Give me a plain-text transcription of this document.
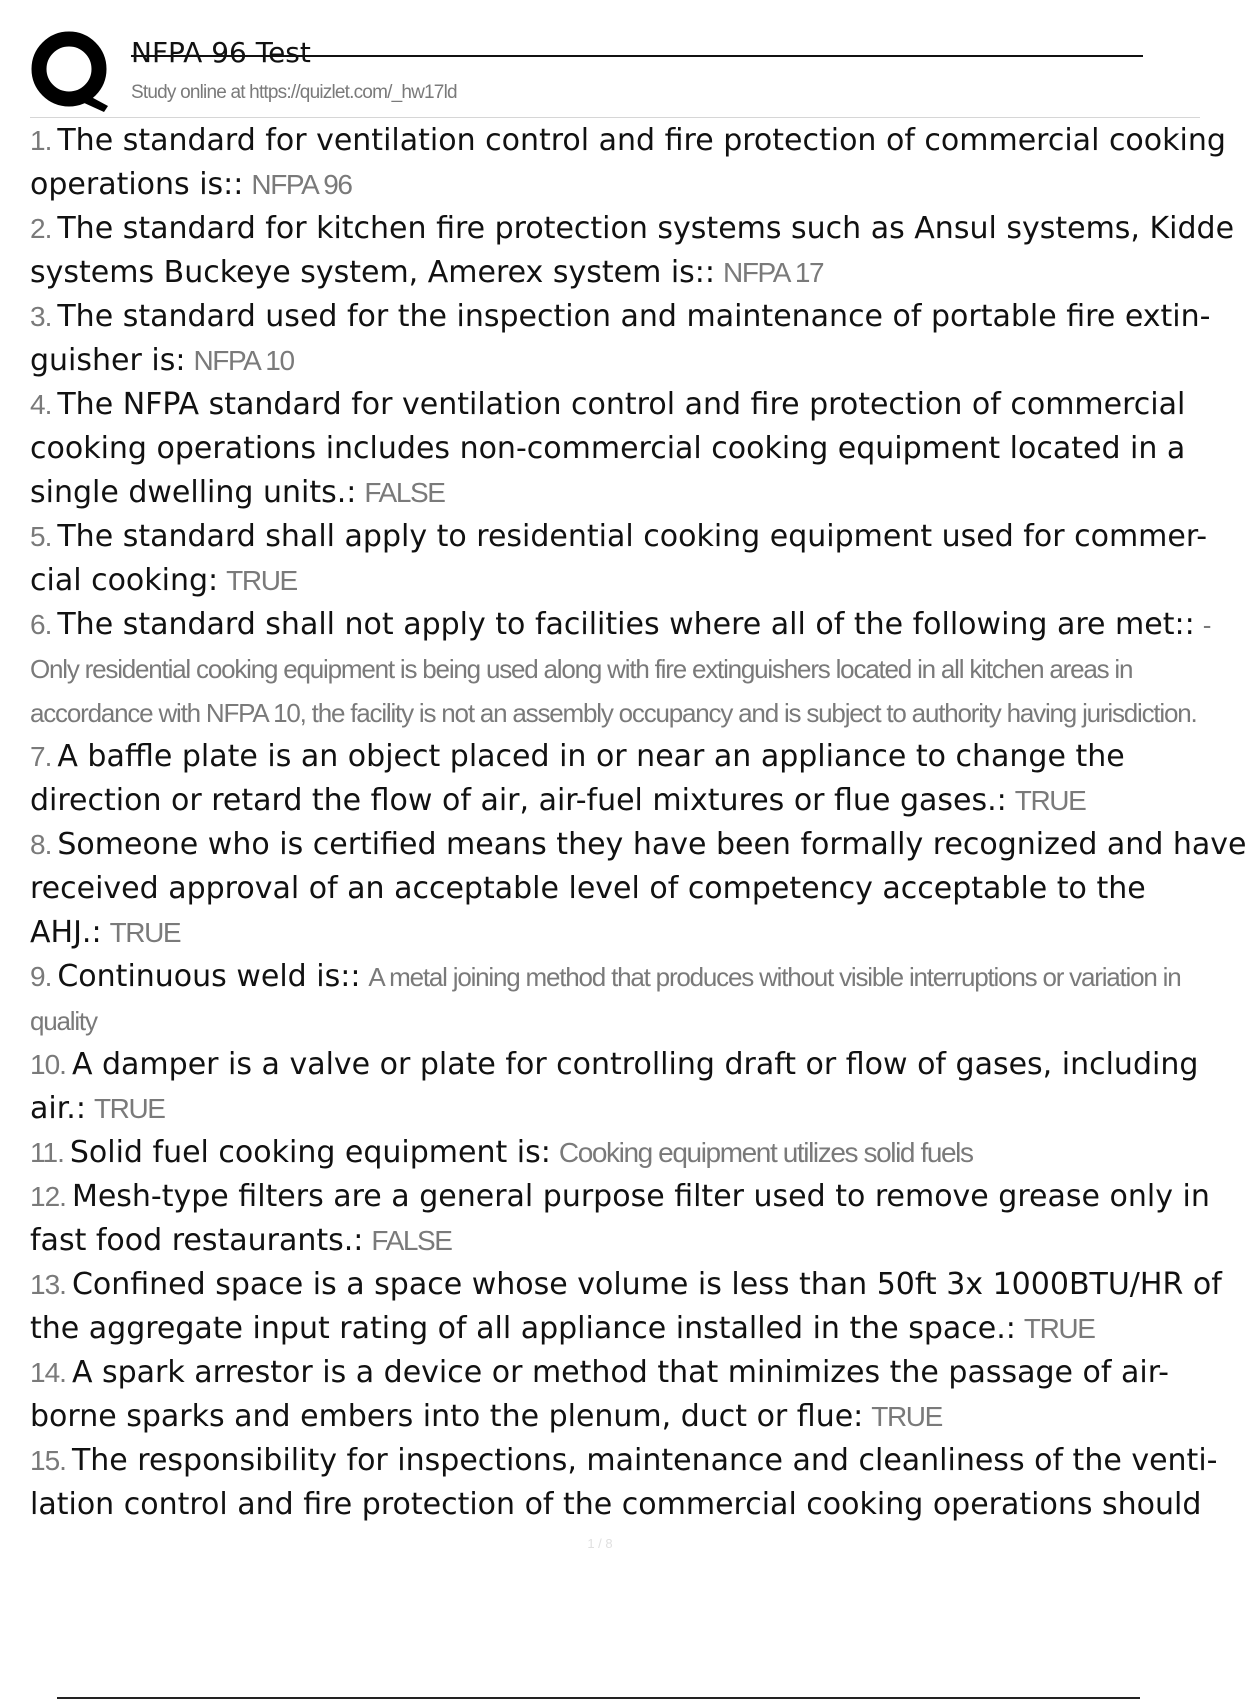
NFPA 96 Test
Study online at https://quizlet.com/_hw17ld

1. The standard for ventilation control and fire protection of commercial cooking operations is:: NFPA 96

2. The standard for kitchen fire protection systems such as Ansul systems, Kidde systems Buckeye system, Amerex system is:: NFPA 17

3. The standard used for the inspection and maintenance of portable fire extin-guisher is: NFPA 10

4. The NFPA standard for ventilation control and fire protection of commercial cooking operations includes non-commercial cooking equipment located in a single dwelling units.: FALSE

5. The standard shall apply to residential cooking equipment used for commer-cial cooking: TRUE

6. The standard shall not apply to facilities where all of the following are met:: - Only residential cooking equipment is being used along with fire extinguishers located in all kitchen areas in accordance with NFPA 10, the facility is not an assembly occupancy and is subject to authority having jurisdiction.

7. A baffle plate is an object placed in or near an appliance to change the direction or retard the flow of air, air-fuel mixtures or flue gases.: TRUE

8. Someone who is certified means they have been formally recognized and have received approval of an acceptable level of competency acceptable to the AHJ.: TRUE

9. Continuous weld is:: A metal joining method that produces without visible interruptions or variation in quality

10. A damper is a valve or plate for controlling draft or flow of gases, including air.: TRUE

11. Solid fuel cooking equipment is: Cooking equipment utilizes solid fuels

12. Mesh-type filters are a general purpose filter used to remove grease only in fast food restaurants.: FALSE

13. Confined space is a space whose volume is less than 50ft 3x 1000BTU/HR of the aggregate input rating of all appliance installed in the space.: TRUE

14. A spark arrestor is a device or method that minimizes the passage of air-borne sparks and embers into the plenum, duct or flue: TRUE

15. The responsibility for inspections, maintenance and cleanliness of the venti-lation control and fire protection of the commercial cooking operations should

1 / 8
